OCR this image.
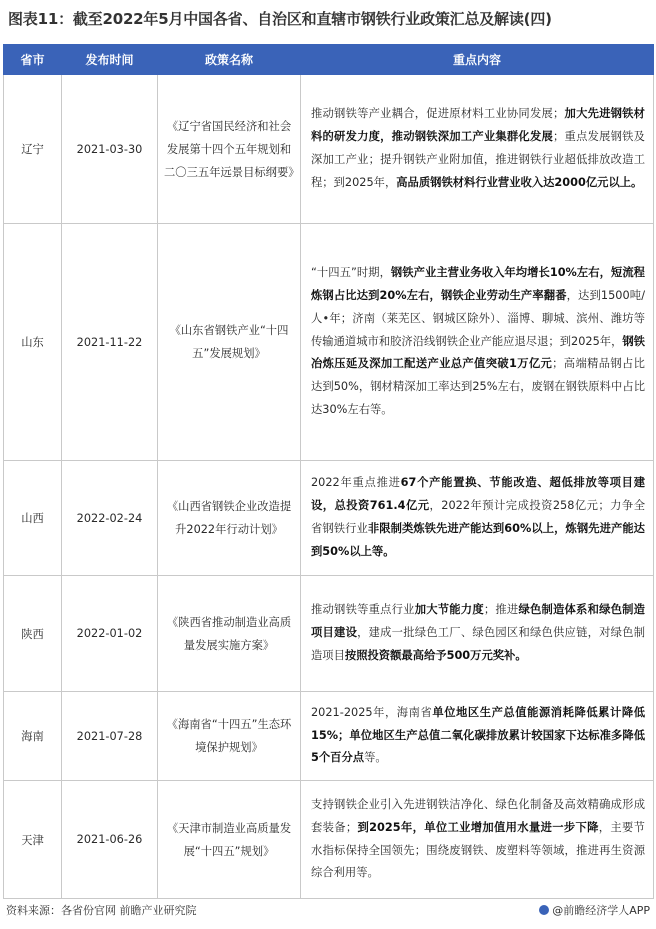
图表11：截至2022年5月中国各省、自治区和直辖市钢铁行业政策汇总及解读(四)
省市	发布时间	政策名称	重点内容
辽宁	2021-03-30	《辽宁省国民经济和社会发展第十四个五年规划和二〇三五年远景目标纲要》	推动钢铁等产业耦合，促进原材料工业协同发展；加大先进钢铁材料的研发力度，推动钢铁深加工产业集群化发展；重点发展钢铁及深加工产业；提升钢铁产业附加值，推进钢铁行业超低排放改造工程；到2025年，高品质钢铁材料行业营业收入达2000亿元以上。
山东	2021-11-22	《山东省钢铁产业“十四五”发展规划》	“十四五”时期，钢铁产业主营业务收入年均增长10%左右，短流程炼钢占比达到20%左右，钢铁企业劳动生产率翻番，达到1500吨/人•年；济南（莱芜区、钢城区除外）、淄博、聊城、滨州、潍坊等传输通道城市和胶济沿线钢铁企业产能应退尽退；到2025年，钢铁冶炼压延及深加工配送产业总产值突破1万亿元；高端精品钢占比达到50%，钢材精深加工率达到25%左右，废钢在钢铁原料中占比达30%左右等。
山西	2022-02-24	《山西省钢铁企业改造提升2022年行动计划》	2022年重点推进67个产能置换、节能改造、超低排放等项目建设，总投资761.4亿元，2022年预计完成投资258亿元；力争全省钢铁行业非限制类炼铁先进产能达到60%以上，炼钢先进产能达到50%以上等。
陕西	2022-01-02	《陕西省推动制造业高质量发展实施方案》	推动钢铁等重点行业加大节能力度；推进绿色制造体系和绿色制造项目建设，建成一批绿色工厂、绿色园区和绿色供应链，对绿色制造项目按照投资额最高给予500万元奖补。
海南	2021-07-28	《海南省“十四五”生态环境保护规划》	2021-2025年，海南省单位地区生产总值能源消耗降低累计降低15%；单位地区生产总值二氧化碳排放累计较国家下达标准多降低5个百分点等。
天津	2021-06-26	《天津市制造业高质量发展“十四五”规划》	支持钢铁企业引入先进钢铁洁净化、绿色化制备及高效精确成形成套装备；到2025年，单位工业增加值用水量进一步下降，主要节水指标保持全国领先；围绕废钢铁、废塑料等领域，推进再生资源综合利用等。
资料来源：各省份官网 前瞻产业研究院	@前瞻经济学人APP
